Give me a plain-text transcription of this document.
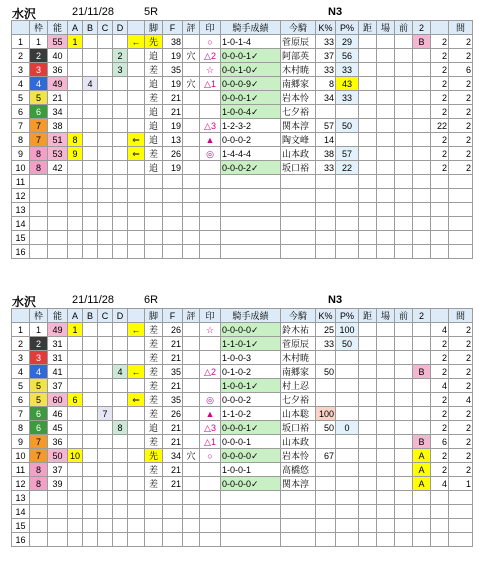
水沢	21/11/28	5R	N3
	枠	能	A	B	C	D		脚	F	評	印	騎手成績	今騎	K%	P%	距	場	前	2		間
1	1	55	1				←	先	38		○	1-0-1-4	菅原辰	33	29				B	2	2
2	2	40				2		追	19	穴	△2	0-0-0-1✓	阿部英	37	56					2	2
3	3	36				3		差	35		☆	0-0-1-0✓	木村暁	33	33					2	6
4	4	49		4				追	19	穴	△1	0-0-0-9✓	南郷家	8	43					2	2
5	5	21						差	21			0-0-0-1✓	岩本怜	34	33					2	2
6	6	34						追	21			1-0-0-4✓	七夕裕							2	2
7	7	38						追	19		△3	1-2-3-2	関本淳	57	50					22	2
8	7	51	8				⇐	追	13		▲	0-0-0-2	陶文峰	14						2	2
9	8	53	9				⇐	差	26		◎	1-4-4-4	山本政	38	57					2	2
10	8	42						追	19			0-0-0-2✓	坂口裕	33	22					2	2
11																					
12																					
13																					
14																					
15																					
16																					
水沢	21/11/28	6R	N3
	枠	能	A	B	C	D		脚	F	評	印	騎手成績	今騎	K%	P%	距	場	前	2		間
1	1	49	1				←	差	26		☆	0-0-0-0✓	鈴木祐	25	100					4	2
2	2	31						差	21			1-1-0-1✓	菅原辰	33	50					2	2
3	3	31						差	21			1-0-0-3	木村暁							2	2
4	4	41				4	←	差	35		△2	0-1-0-2	南郷家	50					B	2	2
5	5	37						差	21			1-0-0-1✓	村上忍							4	2
6	5	60	6				⇐	差	35		◎	0-0-0-2	七夕裕							2	4
7	6	46			7			差	26		▲	1-1-0-2	山本聡	100						2	2
8	6	45				8		追	21		△3	0-0-0-1✓	坂口裕	50	0					2	2
9	7	36						差	21		△1	0-0-0-1	山本政						B	6	2
10	7	50	10					先	34	穴	○	0-0-0-0✓	岩本怜	67					A	2	2
11	8	37						差	21			1-0-0-1	高橋悠						A	2	2
12	8	39						差	21			0-0-0-0✓	関本淳						A	4	1
13																					
14																					
15																					
16																					
